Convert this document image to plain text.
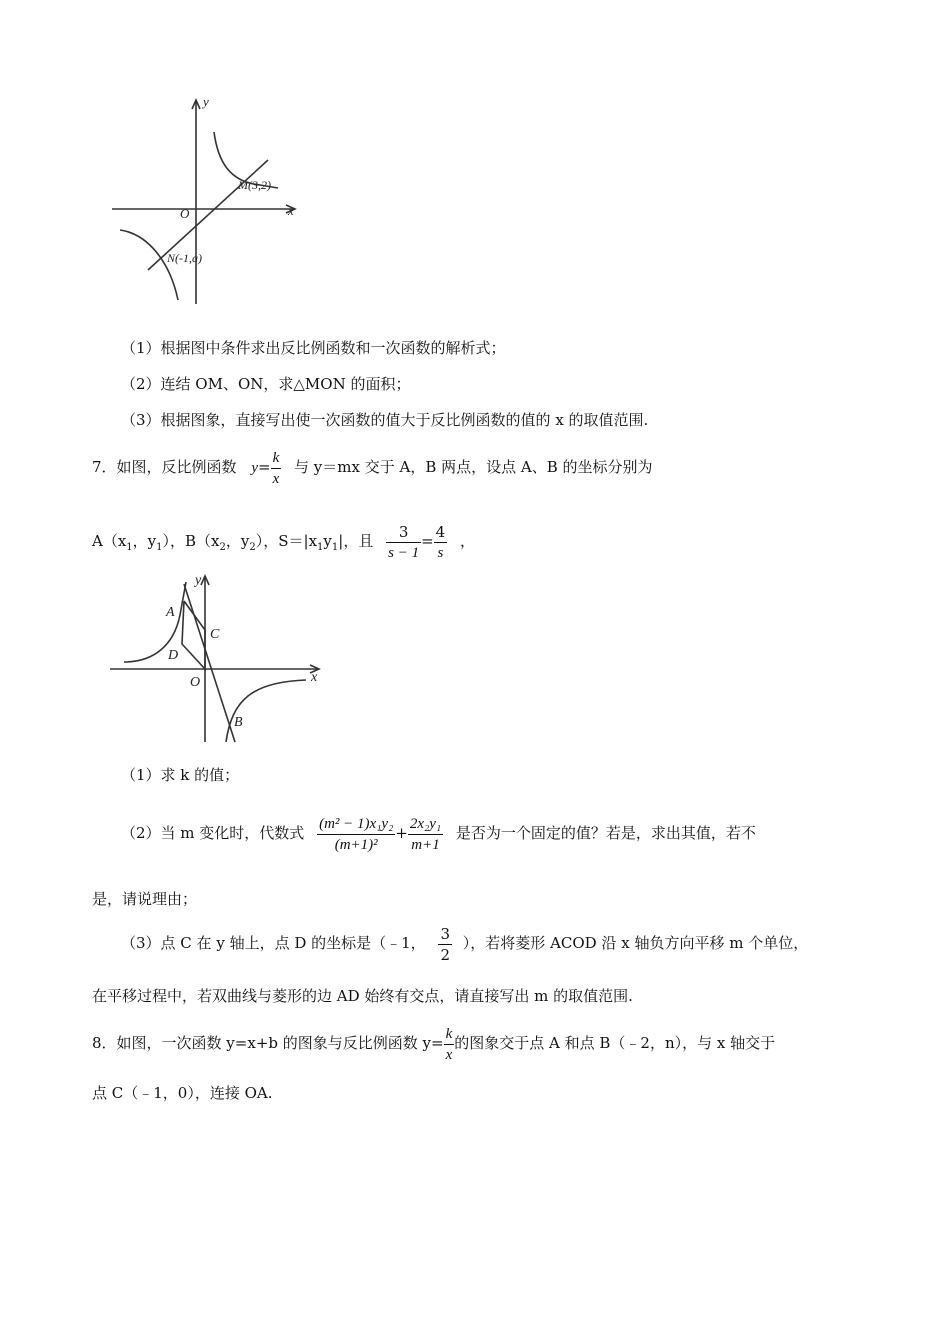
y
x
O
M(3,2)
N(-1,a)
（1）根据图中条件求出反比例函数和一次函数的解析式；
（2）连结 OM、ON，求△MON 的面积；
（3）根据图象，直接写出使一次函数的值大于反比例函数的值的 x 的取值范围.
7．如图，反比例函数 $y= \frac{k}{x}$ 与 y＝mx 交于 A，B 两点，设点 A、B 的坐标分别为
$A(x_1$，$y_1$），$B(x_2$，$y_2$），$S=|x_1y_1|$，且 $\frac{3}{s - 1} = \frac{4}{s}$ ，
y
x
O
A
C
D
B
（1）求 k 的值；
（2）当 m 变化时，代数式 $\frac{\text{(m² − 1)x₁y₂}}{\text{(m+1)²}} + \frac{\text{2x₂y₁}}{m+1}$ 是否为一个固定的值？若是，求出其值，若不
是，请说理由；
（3）点 C 在 y 轴上，点 D 的坐标是（﹣1， $\frac{3}{2}$ ），若将菱形 ACOD 沿 x 轴负方向平移 m 个单位，
在平移过程中，若双曲线与菱形的边 AD 始终有交点，请直接写出 m 的取值范围.
8．如图，一次函数 y=x+b 的图象与反比例函数 $y= \frac{k}{x}$ 的图象交于点 A 和点 B（﹣2，n），与 x 轴交于
点 C（﹣1，0），连接 OA.
